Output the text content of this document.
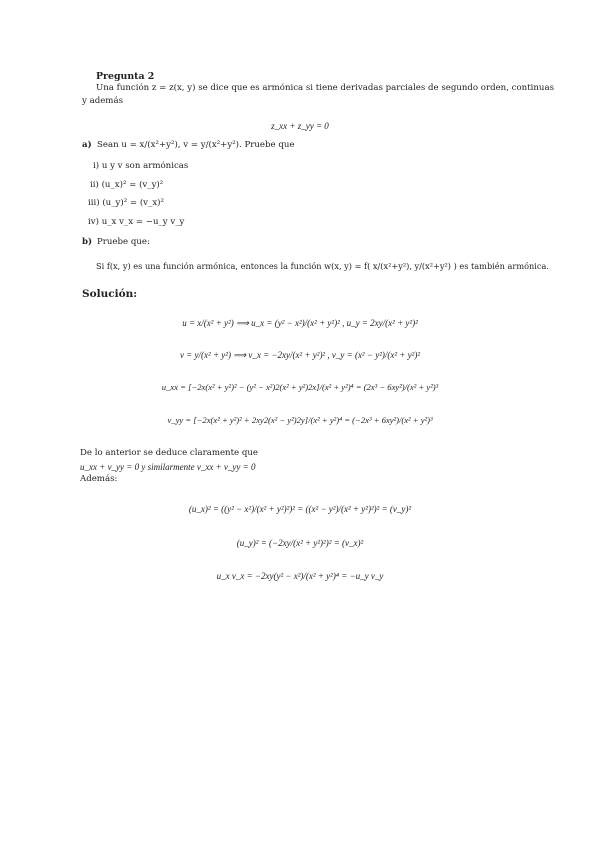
Pregunta 2
Una función z = z(x, y) se dice que es armónica si tiene derivadas parciales de segundo orden, continuas
y además
z_xx + z_yy = 0
a) Sean u = x/(x²+y²), v = y/(x²+y²). Pruebe que
i) u y v son armónicas
ii) (u_x)² = (v_y)²
iii) (u_y)² = (v_x)²
iv) u_x v_x = −u_y v_y
b) Pruebe que:
Si f(x, y) es una función armónica, entonces la función w(x, y) = f( x/(x²+y²), y/(x²+y²) ) es también armónica.
Solución:
u = x/(x² + y²) ⟹ u_x = (y² − x²)/(x² + y²)² , u_y = 2xy/(x² + y²)²
v = y/(x² + y²) ⟹ v_x = −2xy/(x² + y²)² , v_y = (x² − y²)/(x² + y²)²
u_xx = [−2x(x² + y²)² − (y² − x²)2(x² + y²)2x]/(x² + y²)⁴ = (2x³ − 6xy²)/(x² + y²)³
v_yy = [−2x(x² + y²)² + 2xy2(x² − y²)2y]/(x² + y²)⁴ = (−2x³ + 6xy²)/(x² + y²)³
De lo anterior se deduce claramente que
u_xx + v_yy = 0 y similarmente v_xx + v_yy = 0
Además:
(u_x)² = ((y² − x²)/(x² + y²)²)² = ((x² − y²)/(x² + y²)²)² = (v_y)²
(u_y)² = (−2xy/(x² + y²)²)² = (v_x)²
u_x v_x = −2xy(y² − x²)/(x² + y²)⁴ = −u_y v_y
